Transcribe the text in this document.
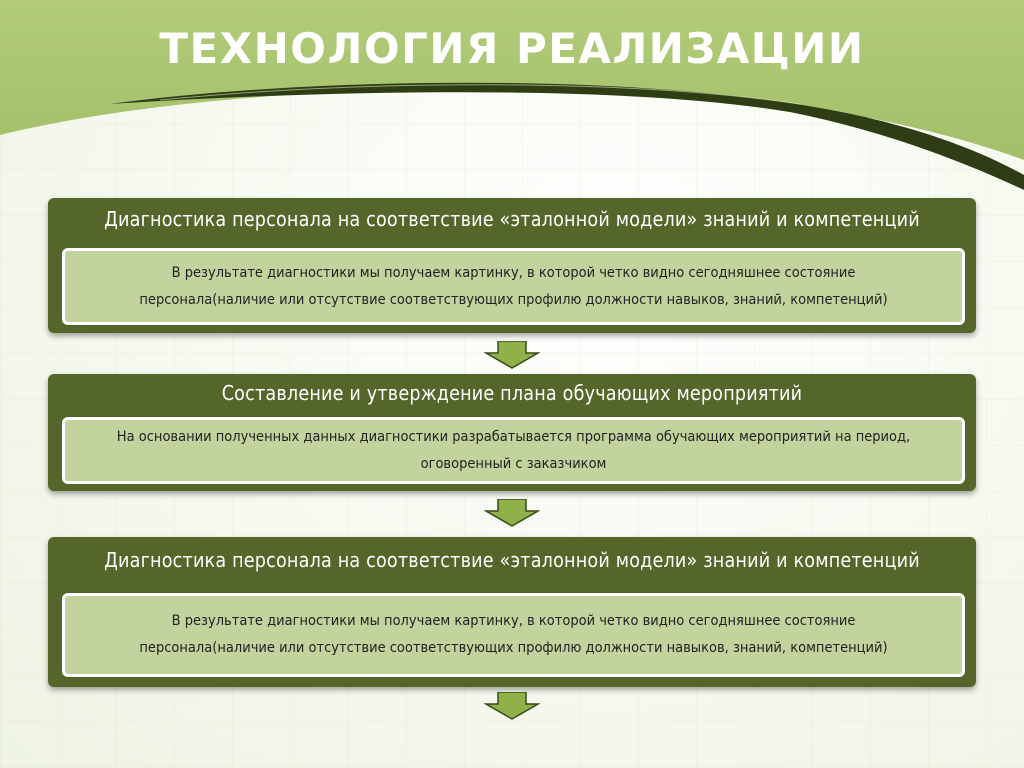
ТЕХНОЛОГИЯ РЕАЛИЗАЦИИ
Диагностика персонала на соответствие «эталонной модели» знаний и компетенций
В результате диагностики мы получаем картинку, в которой четко видно сегодняшнее состояние персонала(наличие или отсутствие соответствующих профилю должности навыков, знаний, компетенций)
Составление и утверждение плана обучающих мероприятий
На основании полученных данных диагностики разрабатывается программа обучающих мероприятий на период, оговоренный с заказчиком
Диагностика персонала на соответствие «эталонной модели» знаний и компетенций
В результате диагностики мы получаем картинку, в которой четко видно сегодняшнее состояние персонала(наличие или отсутствие соответствующих профилю должности навыков, знаний, компетенций)
